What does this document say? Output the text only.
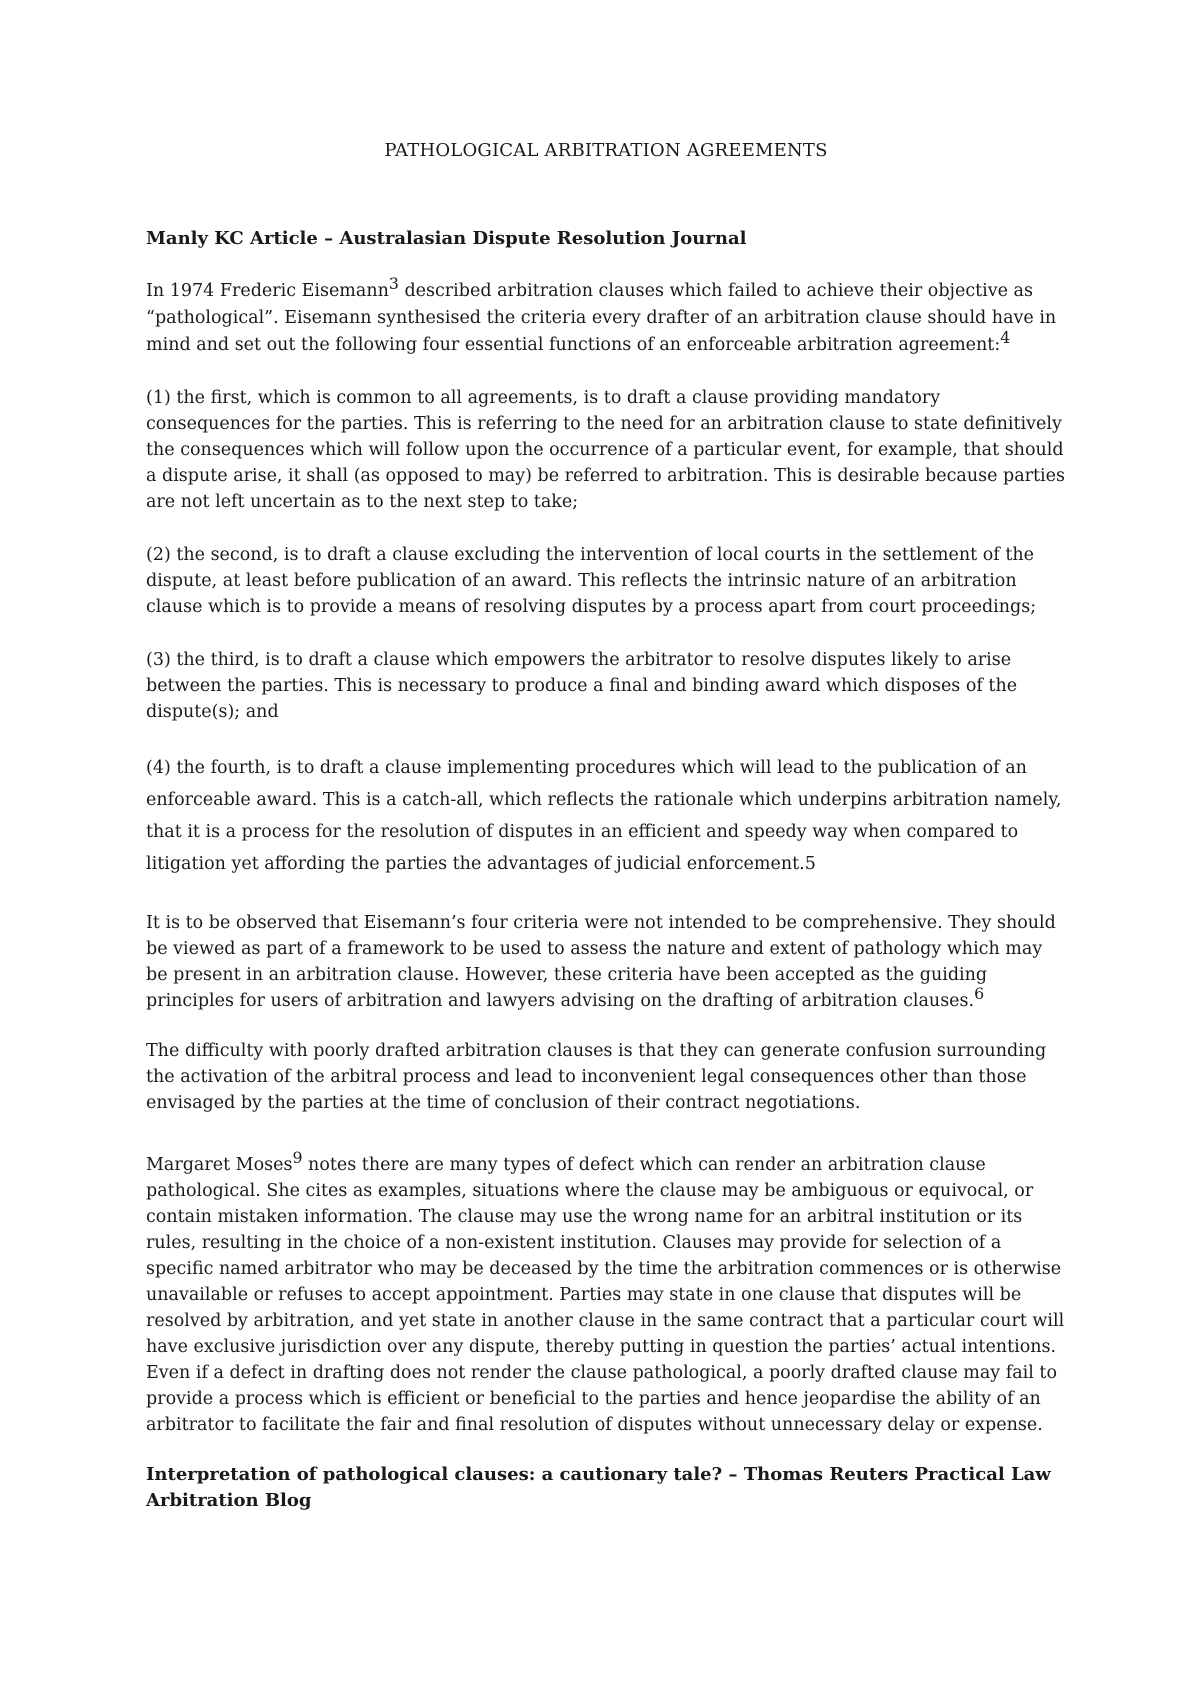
PATHOLOGICAL ARBITRATION AGREEMENTS
Manly KC Article – Australasian Dispute Resolution Journal

In 1974 Frederic Eisemann$^3$ described arbitration clauses which failed to achieve their objective as “pathological”. Eisemann synthesised the criteria every drafter of an arbitration clause should have in mind and set out the following four essential functions of an enforceable arbitration agreement:$^4$

(1) the first, which is common to all agreements, is to draft a clause providing mandatory consequences for the parties. This is referring to the need for an arbitration clause to state definitively the consequences which will follow upon the occurrence of a particular event, for example, that should a dispute arise, it shall (as opposed to may) be referred to arbitration. This is desirable because parties are not left uncertain as to the next step to take;

(2) the second, is to draft a clause excluding the intervention of local courts in the settlement of the dispute, at least before publication of an award. This reflects the intrinsic nature of an arbitration clause which is to provide a means of resolving disputes by a process apart from court proceedings;

(3) the third, is to draft a clause which empowers the arbitrator to resolve disputes likely to arise between the parties. This is necessary to produce a final and binding award which disposes of the dispute(s); and

(4) the fourth, is to draft a clause implementing procedures which will lead to the publication of an enforceable award. This is a catch-all, which reflects the rationale which underpins arbitration namely, that it is a process for the resolution of disputes in an efficient and speedy way when compared to litigation yet affording the parties the advantages of judicial enforcement.5

It is to be observed that Eisemann’s four criteria were not intended to be comprehensive. They should be viewed as part of a framework to be used to assess the nature and extent of pathology which may be present in an arbitration clause. However, these criteria have been accepted as the guiding principles for users of arbitration and lawyers advising on the drafting of arbitration clauses.$^6$

The difficulty with poorly drafted arbitration clauses is that they can generate confusion surrounding the activation of the arbitral process and lead to inconvenient legal consequences other than those envisaged by the parties at the time of conclusion of their contract negotiations.

Margaret Moses$^9$ notes there are many types of defect which can render an arbitration clause pathological. She cites as examples, situations where the clause may be ambiguous or equivocal, or contain mistaken information. The clause may use the wrong name for an arbitral institution or its rules, resulting in the choice of a non-existent institution. Clauses may provide for selection of a specific named arbitrator who may be deceased by the time the arbitration commences or is otherwise unavailable or refuses to accept appointment. Parties may state in one clause that disputes will be resolved by arbitration, and yet state in another clause in the same contract that a particular court will have exclusive jurisdiction over any dispute, thereby putting in question the parties’ actual intentions. Even if a defect in drafting does not render the clause pathological, a poorly drafted clause may fail to provide a process which is efficient or beneficial to the parties and hence jeopardise the ability of an arbitrator to facilitate the fair and final resolution of disputes without unnecessary delay or expense.

Interpretation of pathological clauses: a cautionary tale? – Thomas Reuters Practical Law Arbitration Blog
